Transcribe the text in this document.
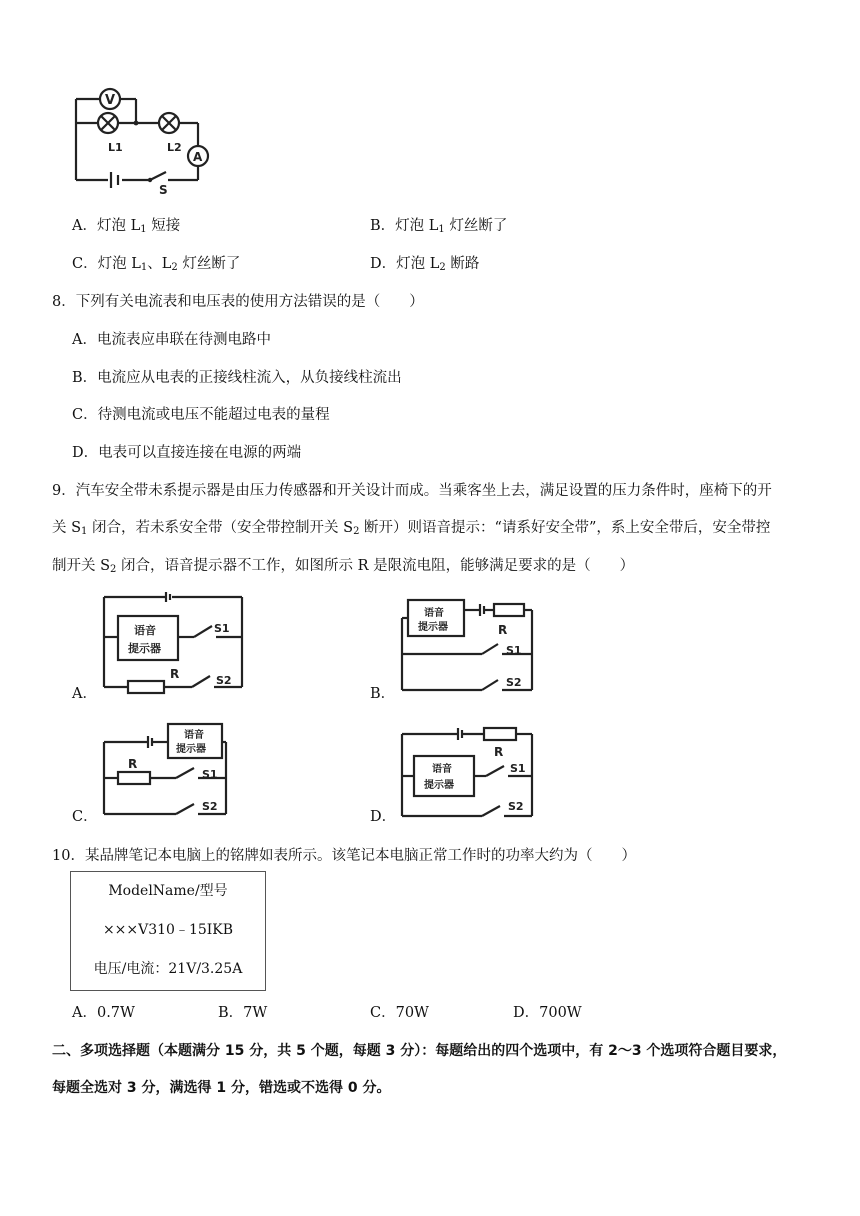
V
A
L1	L2
S
A．灯泡 $L_1$ 短接	B．灯泡 $L_1$ 灯丝断了
C．灯泡 $L_1$、$L_2$ 灯丝断了	D．灯泡 $L_2$ 断路
8．下列有关电流表和电压表的使用方法错误的是（　　）
A．电流表应串联在待测电路中
B．电流应从电表的正接线柱流入，从负接线柱流出
C．待测电流或电压不能超过电表的量程
D．电表可以直接连接在电源的两端
9．汽车安全带未系提示器是由压力传感器和开关设计而成。当乘客坐上去，满足设置的压力条件时，座椅下的开
关 $S_1$ 闭合，若未系安全带（安全带控制开关 $S_2$ 断开）则语音提示：“请系好安全带”，系上安全带后，安全带控
制开关 $S_2$ 闭合，语音提示器不工作，如图所示 R 是限流电阻，能够满足要求的是（　　）
语音
提示器
R
S1
S2
A．
语音
提示器	R
S1
S2
B．
语音
提示器
R
S1
S2
C．
语音
提示器
R
S1
S2
D．
10．某品牌笔记本电脑上的铭牌如表所示。该笔记本电脑正常工作时的功率大约为（　　）
ModelName/型号
×××V310﹣15IKB
电压/电流：21V/3.25A
A．0.7W	B．7W	C．70W	D．700W
二、多项选择题（本题满分 15 分，共 5 个题，每题 3 分）：每题给出的四个选项中，有 2～3 个选项符合题目要求，
每题全选对 3 分，满选得 1 分，错选或不选得 0 分。
